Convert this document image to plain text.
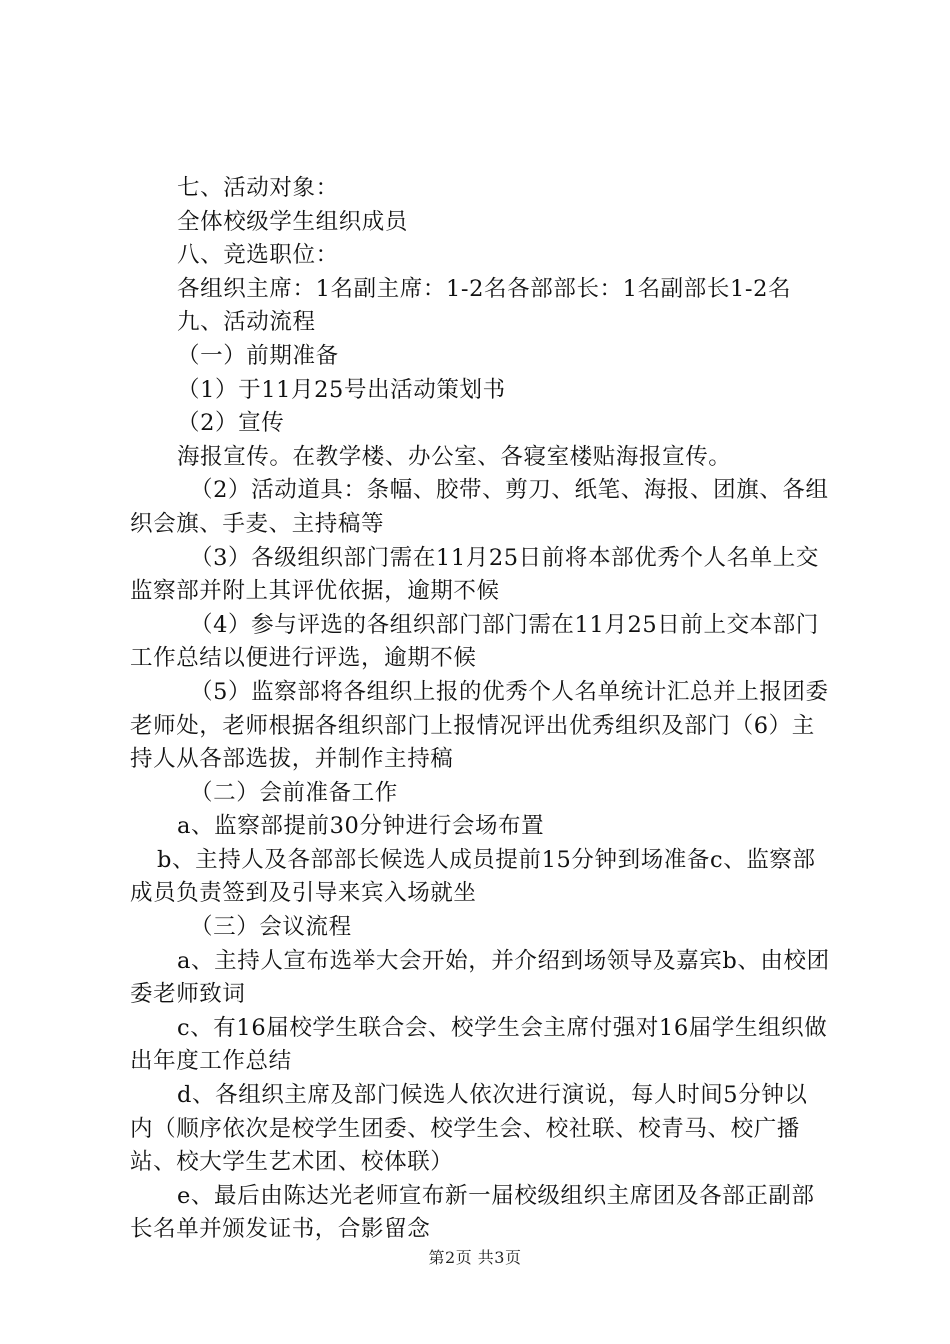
七、活动对象：

全体校级学生组织成员

八、竞选职位：

各组织主席：1名副主席：1-2名各部部长：1名副部长1-2名

九、活动流程

（一）前期准备

（1）于11月25号出活动策划书

（2）宣传

海报宣传。在教学楼、办公室、各寝室楼贴海报宣传。

（2）活动道具：条幅、胶带、剪刀、纸笔、海报、团旗、各组织会旗、手麦、主持稿等

（3）各级组织部门需在11月25日前将本部优秀个人名单上交监察部并附上其评优依据，逾期不候

（4）参与评选的各组织部门部门需在11月25日前上交本部门工作总结以便进行评选，逾期不候

（5）监察部将各组织上报的优秀个人名单统计汇总并上报团委老师处，老师根据各组织部门上报情况评出优秀组织及部门（6）主持人从各部选拔，并制作主持稿

（二）会前准备工作

a、监察部提前30分钟进行会场布置

b、主持人及各部部长候选人成员提前15分钟到场准备c、监察部成员负责签到及引导来宾入场就坐

（三）会议流程

a、主持人宣布选举大会开始，并介绍到场领导及嘉宾b、由校团委老师致词

c、有16届校学生联合会、校学生会主席付强对16届学生组织做出年度工作总结

d、各组织主席及部门候选人依次进行演说，每人时间5分钟以内（顺序依次是校学生团委、校学生会、校社联、校青马、校广播站、校大学生艺术团、校体联）

e、最后由陈达光老师宣布新一届校级组织主席团及各部正副部长名单并颁发证书，合影留念

第2页 共3页
